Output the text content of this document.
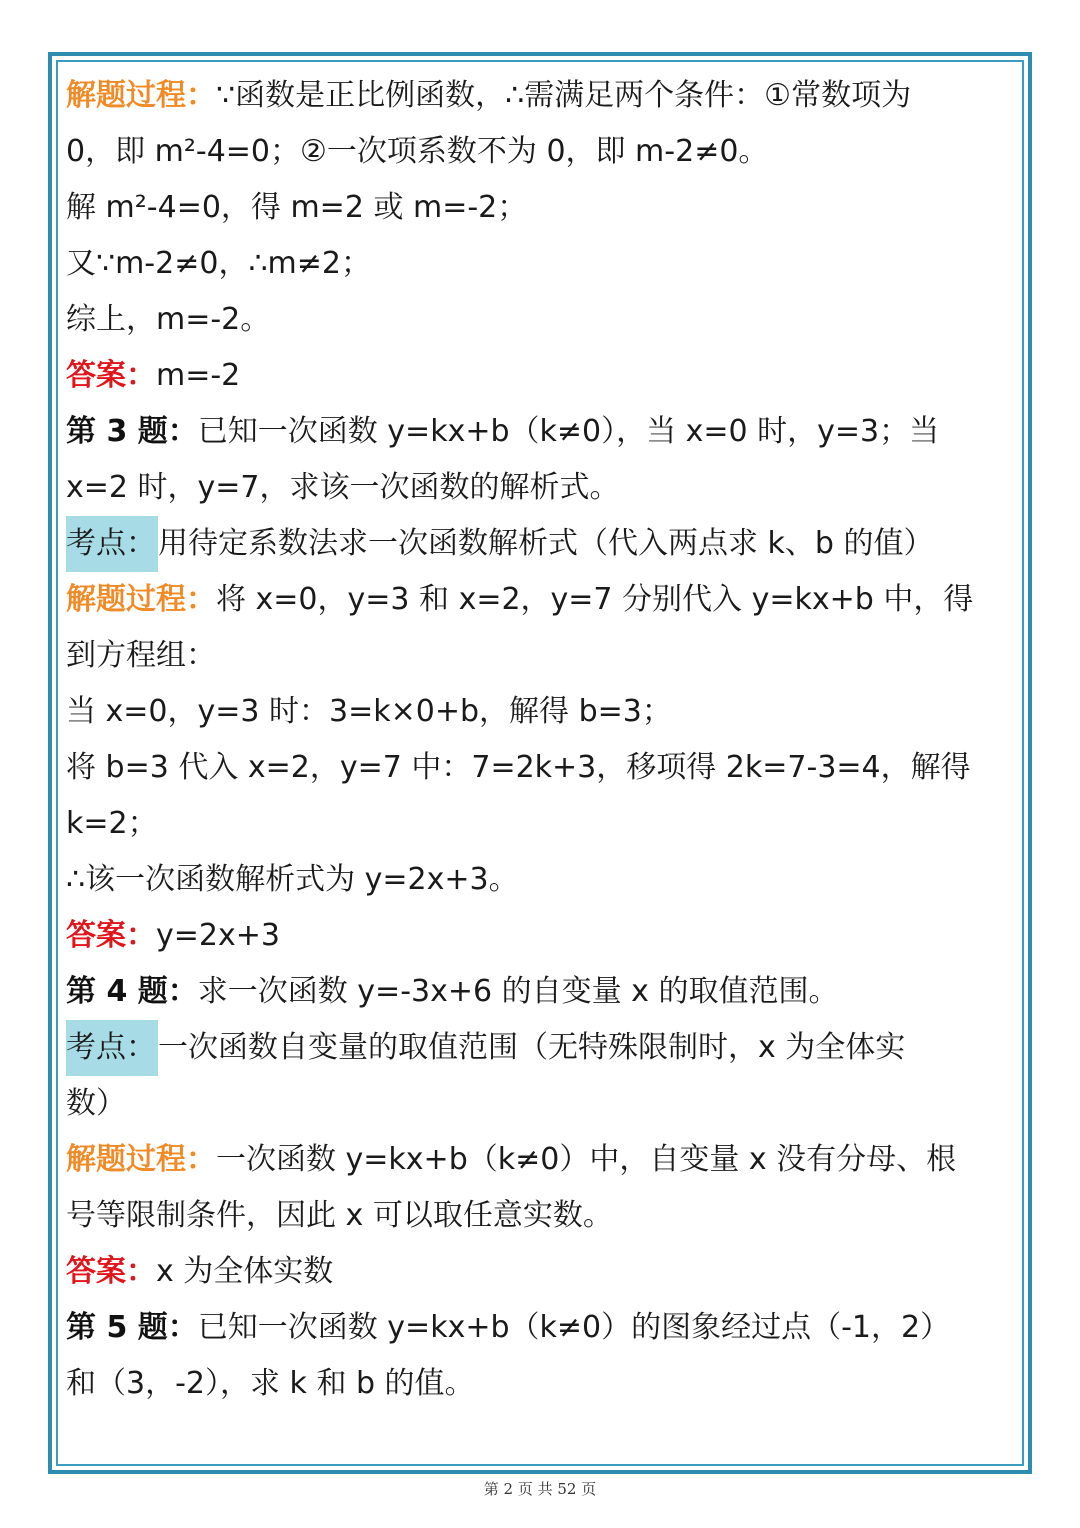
解题过程：∵函数是正比例函数，∴需满足两个条件：①常数项为
0，即 m²-4=0；②一次项系数不为 0，即 m-2≠0。
解 m²-4=0，得 m=2 或 m=-2；
又∵m-2≠0，∴m≠2；
综上，m=-2。
答案：m=-2
第 3 题：已知一次函数 y=kx+b（k≠0），当 x=0 时，y=3；当
x=2 时，y=7，求该一次函数的解析式。
考点：用待定系数法求一次函数解析式（代入两点求 k、b 的值）
解题过程：将 x=0，y=3 和 x=2，y=7 分别代入 y=kx+b 中，得
到方程组：
当 x=0，y=3 时：3=k×0+b，解得 b=3；
将 b=3 代入 x=2，y=7 中：7=2k+3，移项得 2k=7-3=4，解得
k=2；
∴该一次函数解析式为 y=2x+3。
答案：y=2x+3
第 4 题：求一次函数 y=-3x+6 的自变量 x 的取值范围。
考点：一次函数自变量的取值范围（无特殊限制时，x 为全体实
数）
解题过程：一次函数 y=kx+b（k≠0）中，自变量 x 没有分母、根
号等限制条件，因此 x 可以取任意实数。
答案：x 为全体实数
第 5 题：已知一次函数 y=kx+b（k≠0）的图象经过点（-1，2）
和（3，-2），求 k 和 b 的值。
第 2 页 共 52 页
